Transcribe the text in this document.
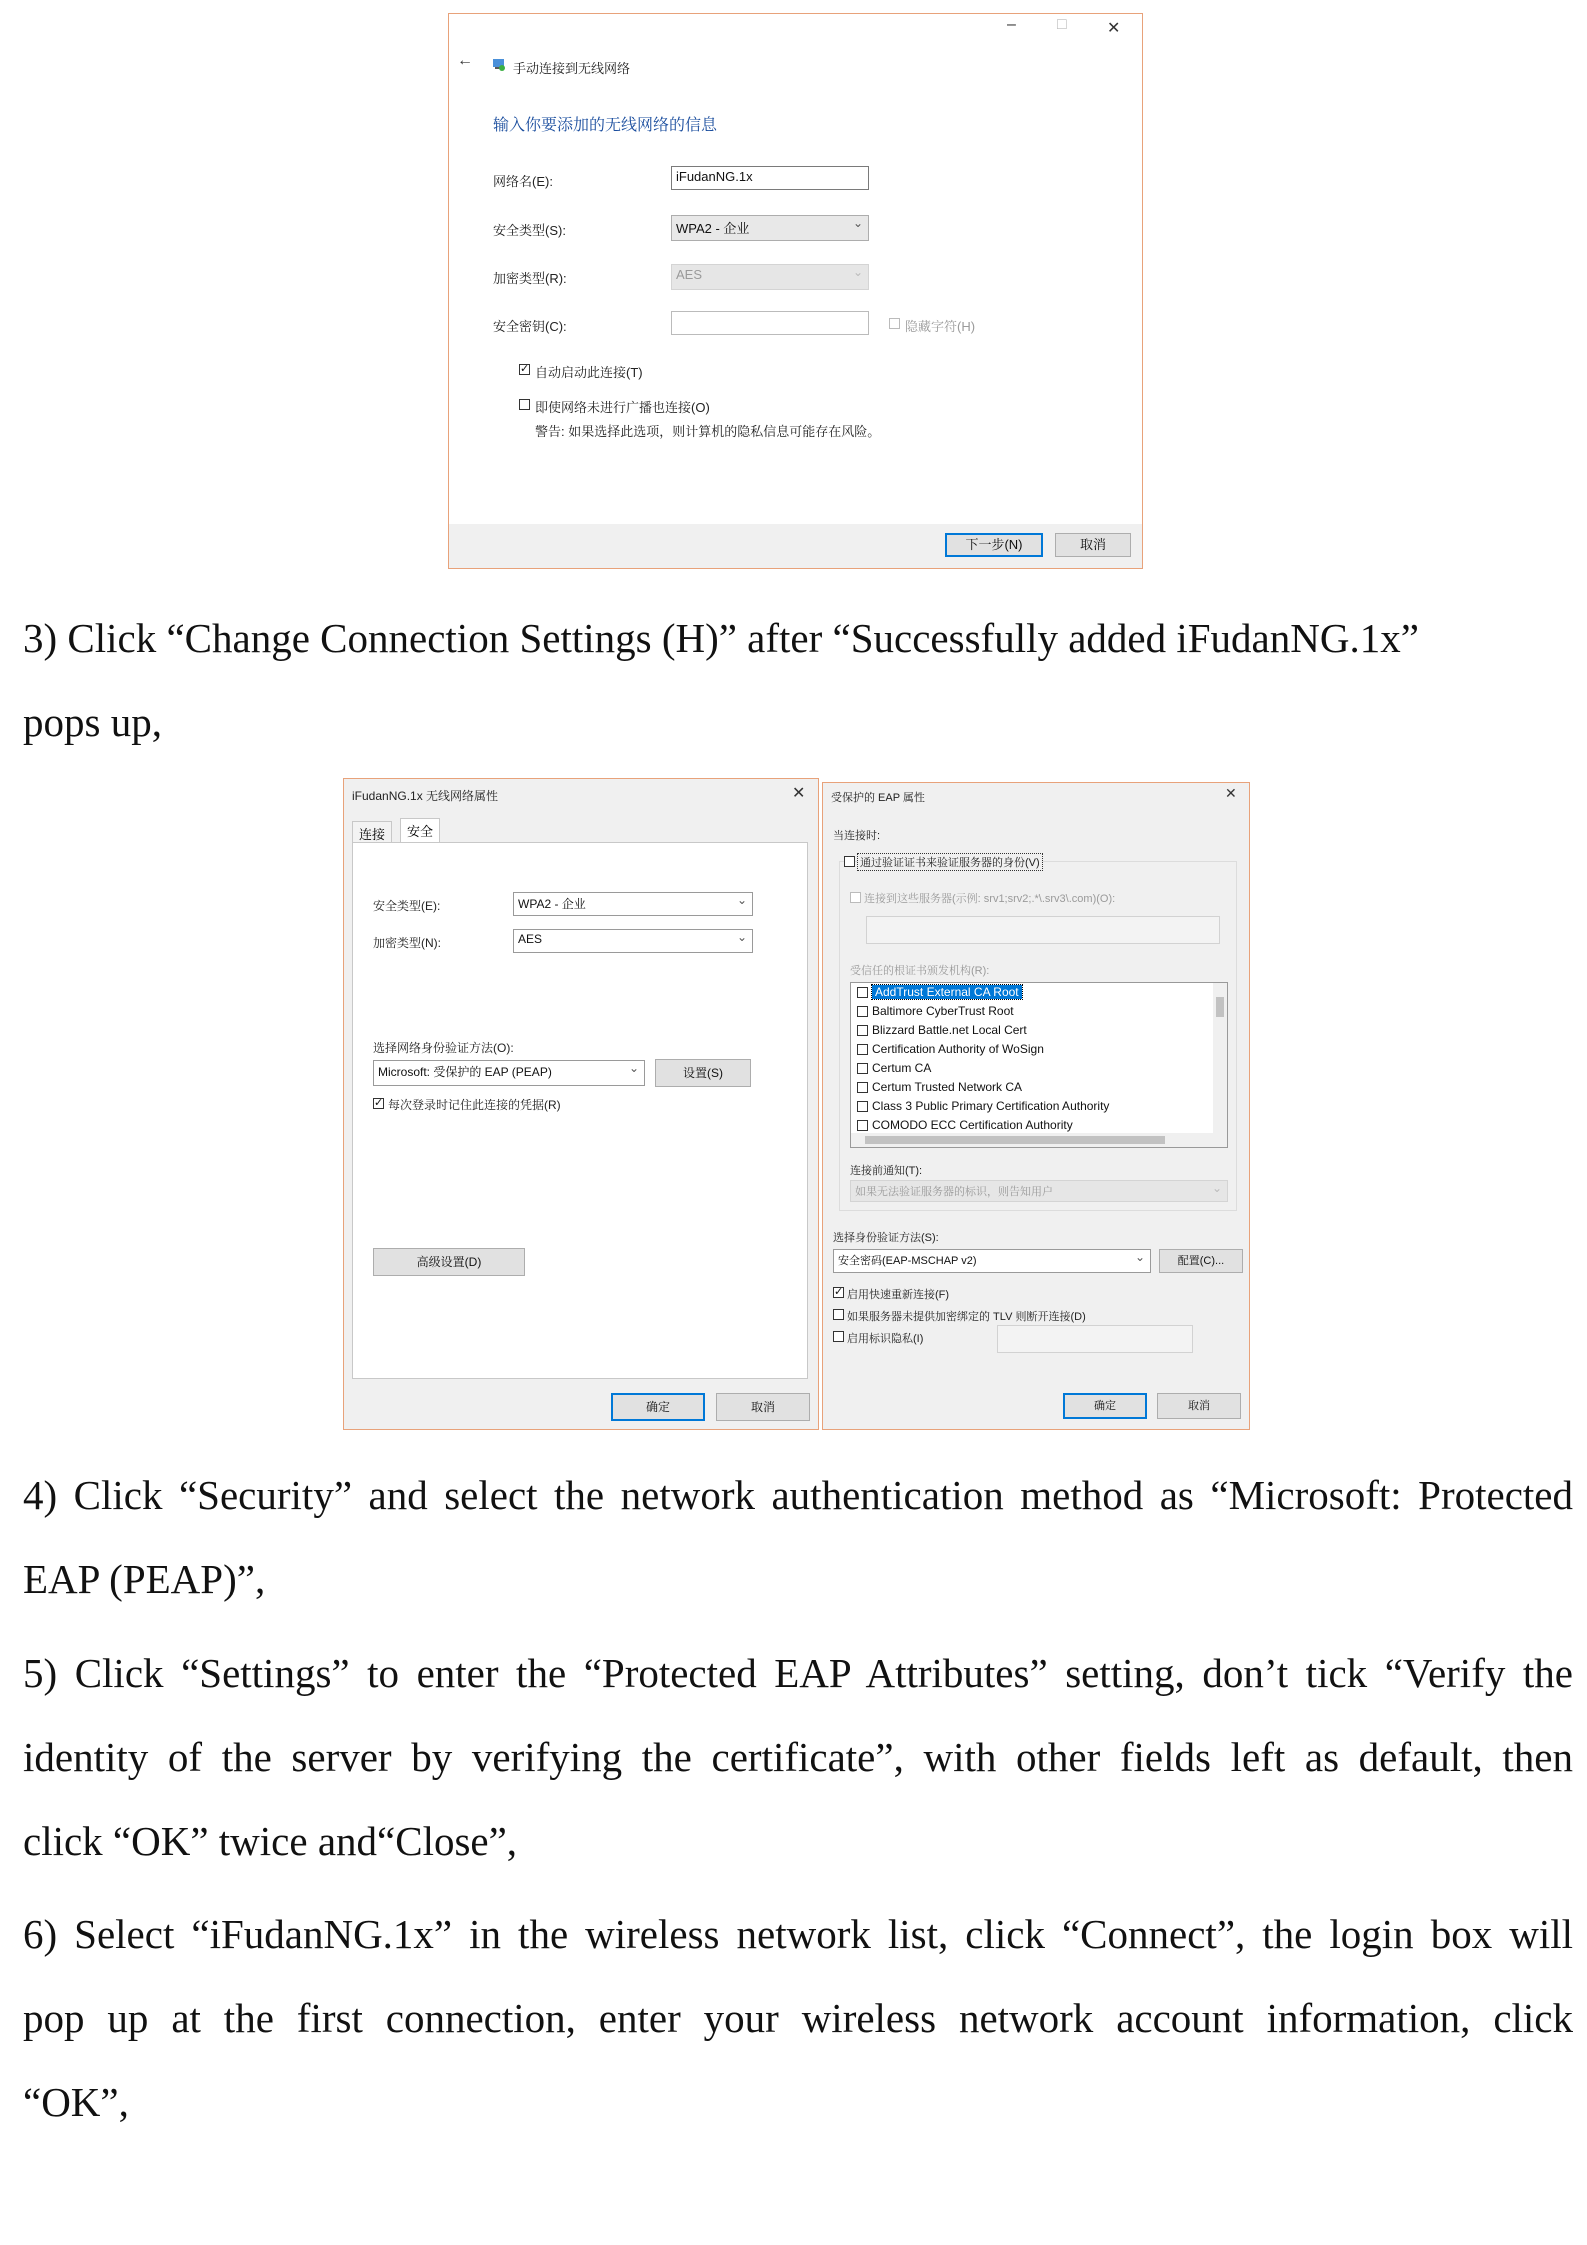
–	□	✕
←	手动连接到无线网络
输入你要添加的无线网络的信息
网络名(E):	iFudanNG.1x
安全类型(S):	WPA2 - 企业	⌄
加密类型(R):	AES	⌄
安全密钥(C):	隐藏字符(H)
✓ 自动启动此连接(T)
即使网络未进行广播也连接(O)
警告: 如果选择此选项，则计算机的隐私信息可能存在风险。
下一步(N)	取消
3) Click “Change Connection Settings (H)” after “Successfully added iFudanNG.1x”
pops up,
iFudanNG.1x 无线网络属性	✕
连接	安全
安全类型(E):	WPA2 - 企业	⌄
加密类型(N):	AES	⌄
选择网络身份验证方法(O):
Microsoft: 受保护的 EAP (PEAP)	⌄	设置(S)
✓ 每次登录时记住此连接的凭据(R)
高级设置(D)
确定	取消
受保护的 EAP 属性	✕
当连接时:
通过验证证书来验证服务器的身份(V)
连接到这些服务器(示例: srv1;srv2;.*\.srv3\.com)(O):
受信任的根证书颁发机构(R):
AddTrust External CA Root
Baltimore CyberTrust Root
Blizzard Battle.net Local Cert
Certification Authority of WoSign
Certum CA
Certum Trusted Network CA
Class 3 Public Primary Certification Authority
COMODO ECC Certification Authority
连接前通知(T):
如果无法验证服务器的标识，则告知用户	⌄
选择身份验证方法(S):
安全密码(EAP-MSCHAP v2)	⌄	配置(C)...
✓ 启用快速重新连接(F)
如果服务器未提供加密绑定的 TLV 则断开连接(D)
启用标识隐私(I)
确定	取消
4) Click “Security” and select the network authentication method as “Microsoft: Protected
EAP (PEAP)”,
5) Click “Settings” to enter the “Protected EAP Attributes” setting, don’t tick “Verify the
identity of the server by verifying the certificate”, with other fields left as default, then
click “OK” twice and“Close”,
6) Select “iFudanNG.1x” in the wireless network list, click “Connect”, the login box will
pop up at the first connection, enter your wireless network account information, click
“OK”,
